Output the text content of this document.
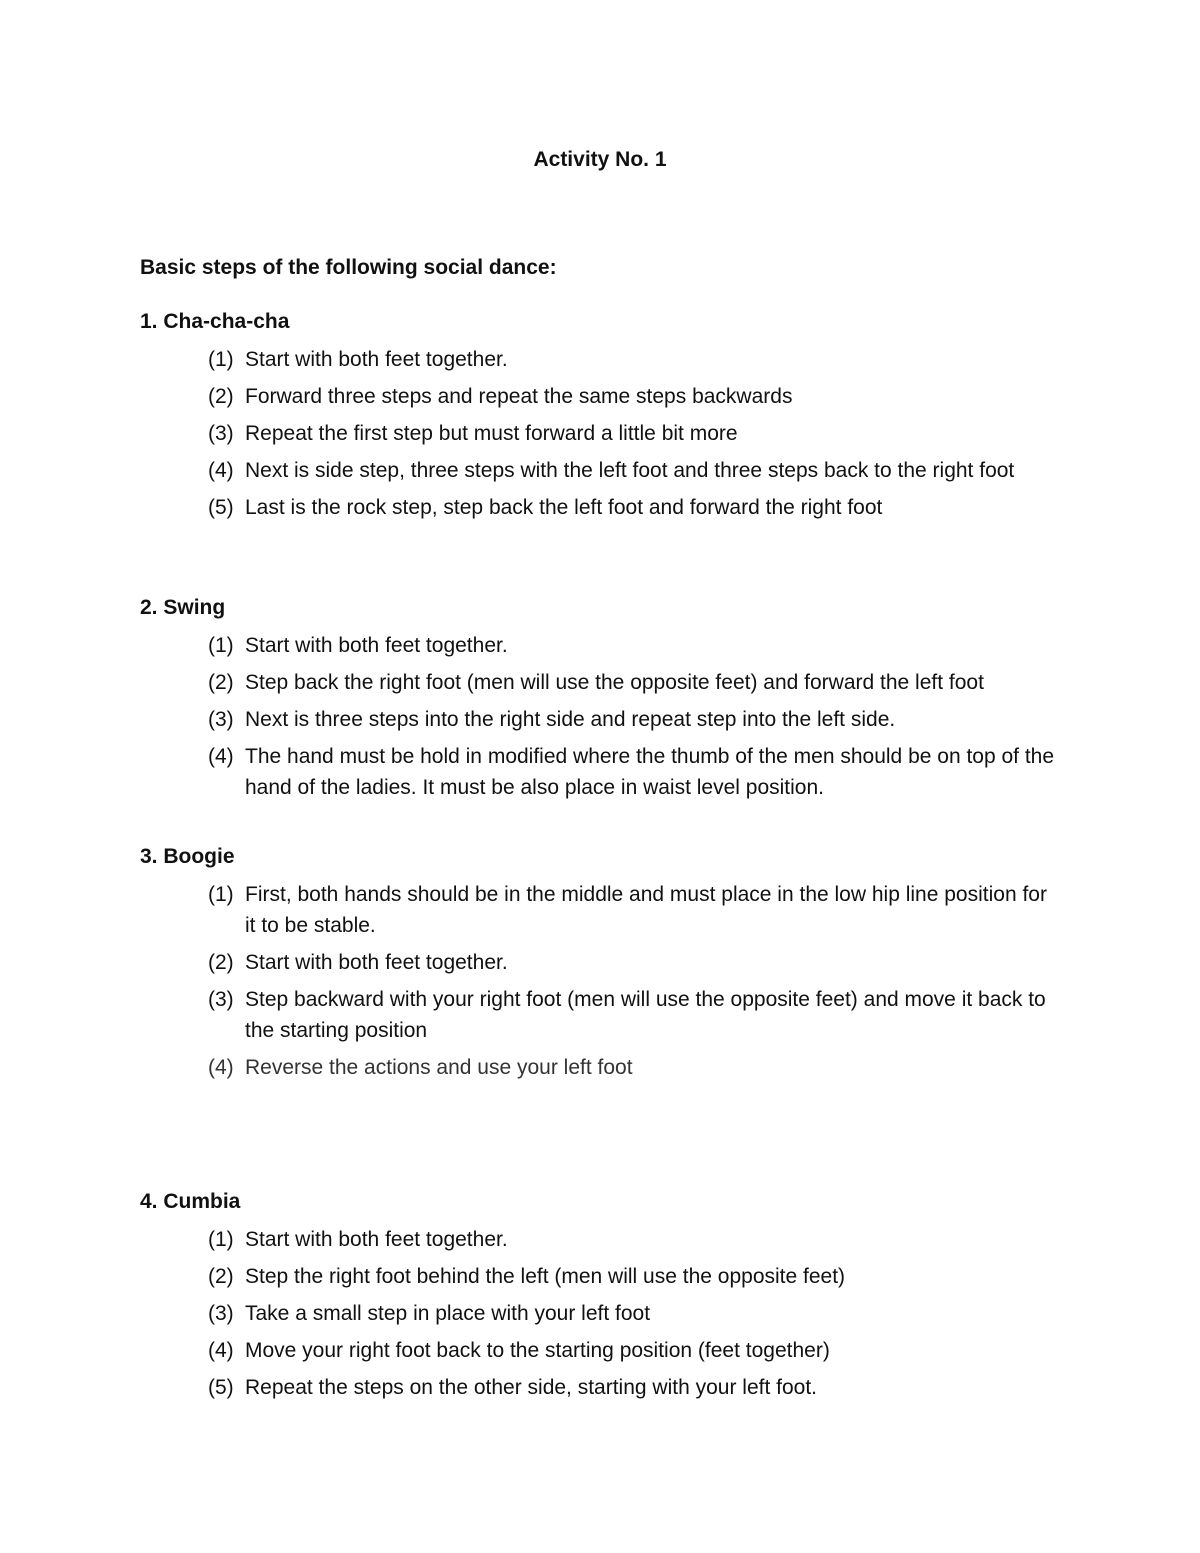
Activity No. 1
Basic steps of the following social dance:
1. Cha-cha-cha
(1) Start with both feet together.
(2) Forward three steps and repeat the same steps backwards
(3) Repeat the first step but must forward a little bit more
(4) Next is side step, three steps with the left foot and three steps back to the right foot
(5) Last is the rock step, step back the left foot and forward the right foot
2. Swing
(1) Start with both feet together.
(2) Step back the right foot (men will use the opposite feet) and forward the left foot
(3) Next is three steps into the right side and repeat step into the left side.
(4) The hand must be hold in modified where the thumb of the men should be on top of the hand of the ladies. It must be also place in waist level position.
3. Boogie
(1) First, both hands should be in the middle and must place in the low hip line position for it to be stable.
(2) Start with both feet together.
(3) Step backward with your right foot (men will use the opposite feet) and move it back to the starting position
(4) Reverse the actions and use your left foot
4. Cumbia
(1) Start with both feet together.
(2) Step the right foot behind the left (men will use the opposite feet)
(3) Take a small step in place with your left foot
(4) Move your right foot back to the starting position (feet together)
(5) Repeat the steps on the other side, starting with your left foot.
